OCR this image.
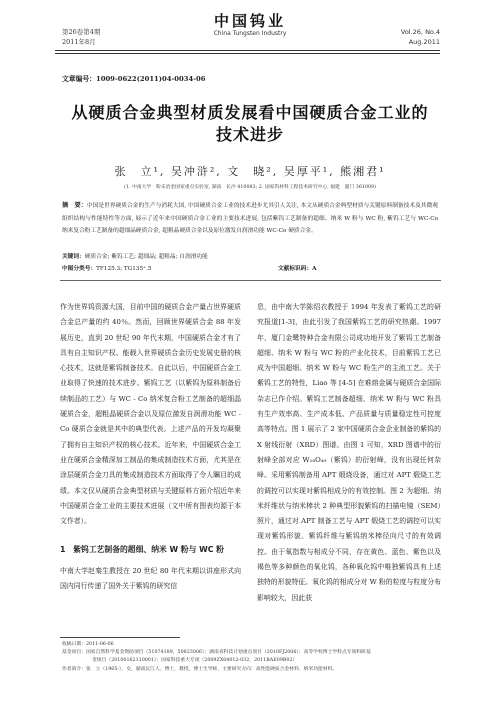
第26卷第4期
2011年8月
中国钨业
China Tungsten Industry	Vol.26, No.4
Aug.2011
文章编号：1009-0622(2011)04-0034-06
从硬质合金典型材质发展看中国硬质合金工业的
技术进步
张　立¹, 吴冲浒², 文　晓², 吴厚平¹, 熊湘君¹
(1. 中南大学　粉末冶金国家重点实验室, 湖南　长沙 410083; 2. 国家钨材料工程技术研究中心, 福建　厦门 361009)
摘　要：中国是世界硬质合金的生产与消耗大国, 中国硬质合金工业的技术进步尤其引人关注, 本文从硬质合金典型材质与关键原料制备技术及其微观组织结构与性能特性等方面, 展示了近年来中国硬质合金工业的主要技术进展, 包括紫钨工艺制备的超细、纳米 W 粉与 WC 粉, 紫钨工艺与 WC-Co 纳米复合粉工艺制备的超细晶硬质合金, 超粗晶硬质合金以及原位激发自润滑功能 WC-Co 硬质合金。
关键词：硬质合金; 紫钨工艺; 超细晶; 超粗晶; 自润滑功能
中图分类号：TF125.3; TG135⁺.5	文献标识码：A
作为世界钨资源大国，目前中国的硬质合金产量占世界硬质合金总产量的约 40％。然而，回顾世界硬质合金 88 年发展历史，直到 20 世纪 90 年代末期，中国硬质合金才有了具有自主知识产权、能载入世界硬质合金历史发展史册的核心技术，这就是紫钨制备技术。自此以后，中国硬质合金工业取得了快速的技术进步。紫钨工艺（以紫钨为原料制备后续制品的工艺）与 WC - Co 纳米复合粉工艺制备的超细晶硬质合金，超粗晶硬质合金以及原位激发自润滑功能 WC - Co 硬质合金就是其中的典型代表。上述产品的开发均凝聚了拥有自主知识产权的核心技术。近年来，中国硬质合金工业在硬质合金精深加工制品的集成制造技术方面，尤其是在涂层硬质合金刀具的集成制造技术方面取得了令人瞩目的成绩。本文仅从硬质合金典型材质与关键原料方面介绍近年来中国硬质合金工业的主要技术进展（文中所有图表均源于本文作者）。
1　紫钨工艺制备的超细、纳米 W 粉与 WC 粉
中南大学赵秦生教授在 20 世纪 80 年代末期以讲座形式向国内同行传递了国外关于紫钨的研究信
息，由中南大学陈绍衣教授于 1994 年发表了紫钨工艺的研究报道[1-3]，由此引发了我国紫钨工艺的研究热潮。1997 年，厦门金鹭特种合金有限公司成功地开发了紫钨工艺制备超细、纳米 W 粉与 WC 粉的产业化技术，目前紫钨工艺已成为中国超细、纳米 W 粉与 WC 粉生产的主流工艺。关于紫钨工艺的特性，Liao 等 [4-5] 在难熔金属与硬质合金国际杂志已作介绍。紫钨工艺制备超细、纳米 W 粉与 WC 粉具有生产效率高、生产成本低、产品质量与质量稳定性可控度高等特点。图 1 展示了 2 家中国硬质合金企业制备的紫钨的 X 射线衍射（XRD）图谱。由图 1 可知，XRD 图谱中的衍射峰全部对应 W₁₈O₄₉（紫钨）的衍射峰，没有出现任何杂峰。采用紫钨制备用 APT 煅烧设备，通过对 APT 煅烧工艺的调控可以实现对紫钨相成分的有效控制。图 2 为超细、纳米纤维状与纳米棒状 2 种典型形貌紫钨的扫描电镜（SEM）照片，通过对 APT 制备工艺与 APT 煅烧工艺的调控可以实现对紫钨形貌、紫钨纤维与紫钨纳米棒径向尺寸的有效调控。由于氧指数与相成分不同，存在黄色、蓝色、紫色以及褐色等多种颜色的氧化钨，各种氧化钨中唯独紫钨具有上述独特的形貌特征。氧化钨的相成分对 W 粉的粒度与粒度分布影响较大，因此获
收稿日期：2011-06-06
基金项目：国家自然科学基金资助项目（51074189，50823006）；湖南省科技计划重点项目（2010FJ2006）；高等学校博士学科点专项科研基
金项目（20100162110001）；国家科技重大专项（2009ZX04012-032，2011BAE09B02）
作者简介：张　立（1965-），女，湖南沅江人，博士，教授，博士生导师，主要研究方向：高性能硬质合金材料、纳米功能材料。
